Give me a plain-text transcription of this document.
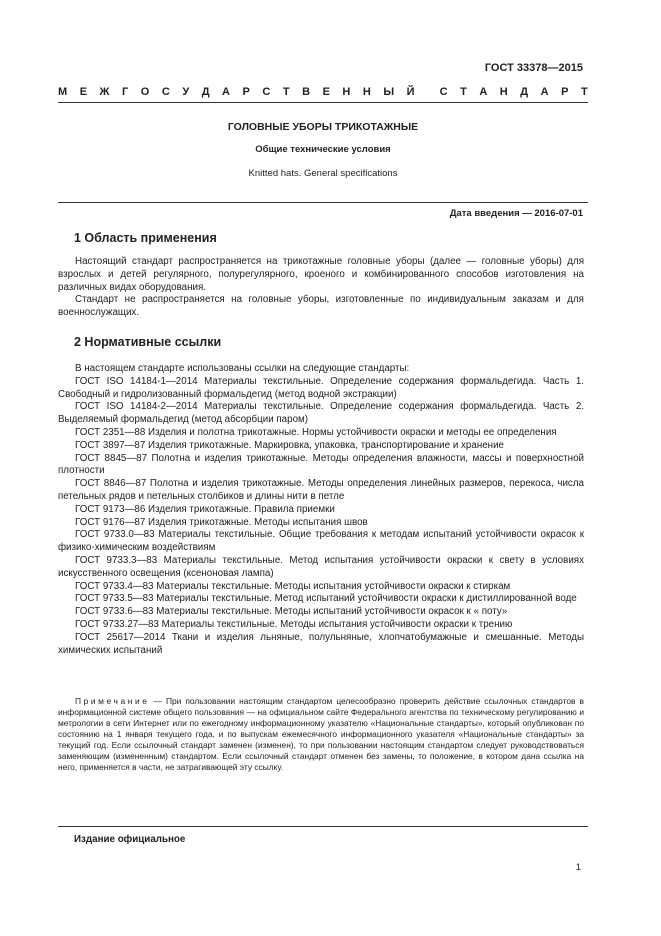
ГОСТ 33378—2015
М Е Ж Г О С У Д А Р С Т В Е Н Н Ы Й С Т А Н Д А Р Т
ГОЛОВНЫЕ УБОРЫ ТРИКОТАЖНЫЕ
Общие технические условия
Knitted hats. General specifications
Дата введения — 2016-07-01
1 Область применения

Настоящий стандарт распространяется на трикотажные головные уборы (далее — головные уборы) для взрослых и детей регулярного, полурегулярного, кроеного и комбинированного способов изготовления на различных видах оборудования.

Стандарт не распространяется на головные уборы, изготовленные по индивидуальным заказам и для военнослужащих.

2 Нормативные ссылки

В настоящем стандарте использованы ссылки на следующие стандарты:

ГОСТ ISO 14184-1—2014 Материалы текстильные. Определение содержания формальдегида. Часть 1. Свободный и гидролизованный формальдегид (метод водной экстракции)

ГОСТ ISO 14184-2—2014 Материалы текстильные. Определение содержания формальдегида. Часть 2. Выделяемый формальдегид (метод абсорбции паром)

ГОСТ 2351—88 Изделия и полотна трикотажные. Нормы устойчивости окраски и методы ее определения

ГОСТ 3897—87 Изделия трикотажные. Маркировка, упаковка, транспортирование и хранение

ГОСТ 8845—87 Полотна и изделия трикотажные. Методы определения влажности, массы и поверхностной плотности

ГОСТ 8846—87 Полотна и изделия трикотажные. Методы определения линейных размеров, перекоса, числа петельных рядов и петельных столбиков и длины нити в петле

ГОСТ 9173—86 Изделия трикотажные. Правила приемки

ГОСТ 9176—87 Изделия трикотажные. Методы испытания швов

ГОСТ 9733.0—83 Материалы текстильные. Общие требования к методам испытаний устойчивости окрасок к физико-химическим воздействиям

ГОСТ 9733.3—83 Материалы текстильные. Метод испытания устойчивости окраски к свету в условиях искусственного освещения (ксеноновая лампа)

ГОСТ 9733.4—83 Материалы текстильные. Методы испытания устойчивости окраски к стиркам

ГОСТ 9733.5—83 Материалы текстильные. Метод испытаний устойчивости окраски к дистиллированной воде

ГОСТ 9733.6—83 Материалы текстильные. Методы испытаний устойчивости окрасок к « поту»

ГОСТ 9733.27—83 Материалы текстильные. Методы испытания устойчивости окраски к трению

ГОСТ 25617—2014 Ткани и изделия льняные, полульняные, хлопчатобумажные и смешанные. Методы химических испытаний

Примечание — При пользовании настоящим стандартом целесообразно проверить действие ссылочных стандартов в информационной системе общего пользования — на официальном сайте Федерального агентства по техническому регулированию и метрологии в сети Интернет или по ежегодному информационному указателю «Национальные стандарты», который опубликован по состоянию на 1 января текущего года, и по выпускам ежемесячного информационного указателя «Национальные стандарты» за текущий год. Если ссылочный стандарт заменен (изменен), то при пользовании настоящим стандартом следует руководствоваться заменяющим (измененным) стандартом. Если ссылочный стандарт отменен без замены, то положение, в котором дана ссылка на него, применяется в части, не затрагивающей эту ссылку.
Издание официальное
1
